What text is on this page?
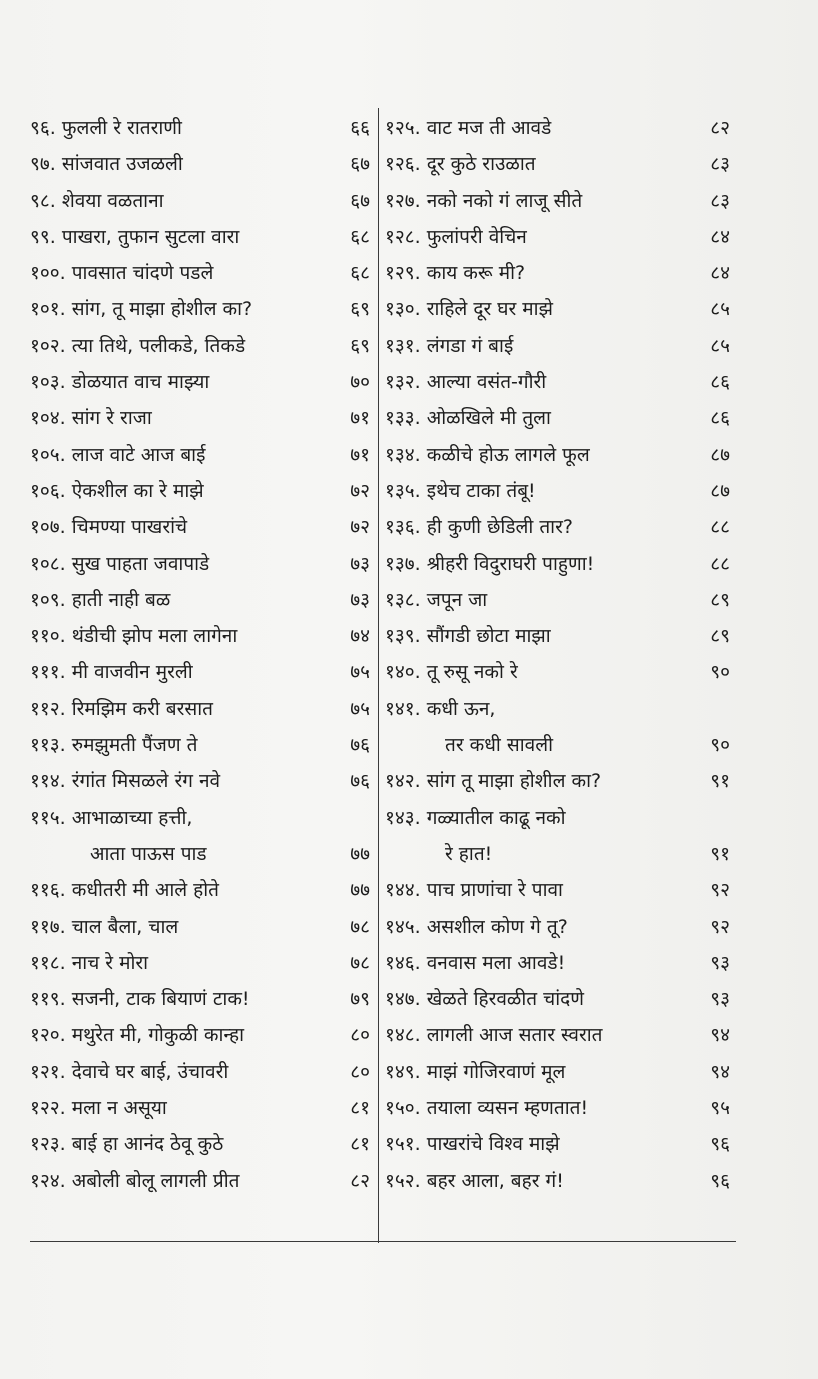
९६. फुलली रे रातराणी	६६
९७. सांजवात उजळली	६७
९८. शेवया वळताना	६७
९९. पाखरा, तुफान सुटला वारा	६८
१००. पावसात चांदणे पडले	६८
१०१. सांग, तू माझा होशील का?	६९
१०२. त्या तिथे, पलीकडे, तिकडे	६९
१०३. डोळयात वाच माझ्या	७०
१०४. सांग रे राजा	७१
१०५. लाज वाटे आज बाई	७१
१०६. ऐकशील का रे माझे	७२
१०७. चिमण्या पाखरांचे	७२
१०८. सुख पाहता जवापाडे	७३
१०९. हाती नाही बळ	७३
११०. थंडीची झोप मला लागेना	७४
१११. मी वाजवीन मुरली	७५
११२. रिमझिम करी बरसात	७५
११३. रुमझुमती पैंजण ते	७६
११४. रंगांत मिसळले रंग नवे	७६
११५. आभाळाच्या हत्ती,
आता पाऊस पाड	७७
११६. कधीतरी मी आले होते	७७
११७. चाल बैला, चाल	७८
११८. नाच रे मोरा	७८
११९. सजनी, टाक बियाणं टाक!	७९
१२०. मथुरेत मी, गोकुळी कान्हा	८०
१२१. देवाचे घर बाई, उंचावरी	८०
१२२. मला न असूया	८१
१२३. बाई हा आनंद ठेवू कुठे	८१
१२४. अबोली बोलू लागली प्रीत	८२
१२५. वाट मज ती आवडे	८२
१२६. दूर कुठे राउळात	८३
१२७. नको नको गं लाजू सीते	८३
१२८. फुलांपरी वेचिन	८४
१२९. काय करू मी?	८४
१३०. राहिले दूर घर माझे	८५
१३१. लंगडा गं बाई	८५
१३२. आल्या वसंत-गौरी	८६
१३३. ओळखिले मी तुला	८६
१३४. कळीचे होऊ लागले फूल	८७
१३५. इथेच टाका तंबू!	८७
१३६. ही कुणी छेडिली तार?	८८
१३७. श्रीहरी विदुराघरी पाहुणा!	८८
१३८. जपून जा	८९
१३९. सौंगडी छोटा माझा	८९
१४०. तू रुसू नको रे	९०
१४१. कधी ऊन,
तर कधी सावली	९०
१४२. सांग तू माझा होशील का?	९१
१४३. गळ्यातील काढू नको
रे हात!	९१
१४४. पाच प्राणांचा रे पावा	९२
१४५. असशील कोण गे तू?	९२
१४६. वनवास मला आवडे!	९३
१४७. खेळते हिरवळीत चांदणे	९३
१४८. लागली आज सतार स्वरात	९४
१४९. माझं गोजिरवाणं मूल	९४
१५०. तयाला व्यसन म्हणतात!	९५
१५१. पाखरांचे विश्व माझे	९६
१५२. बहर आला, बहर गं!	९६
